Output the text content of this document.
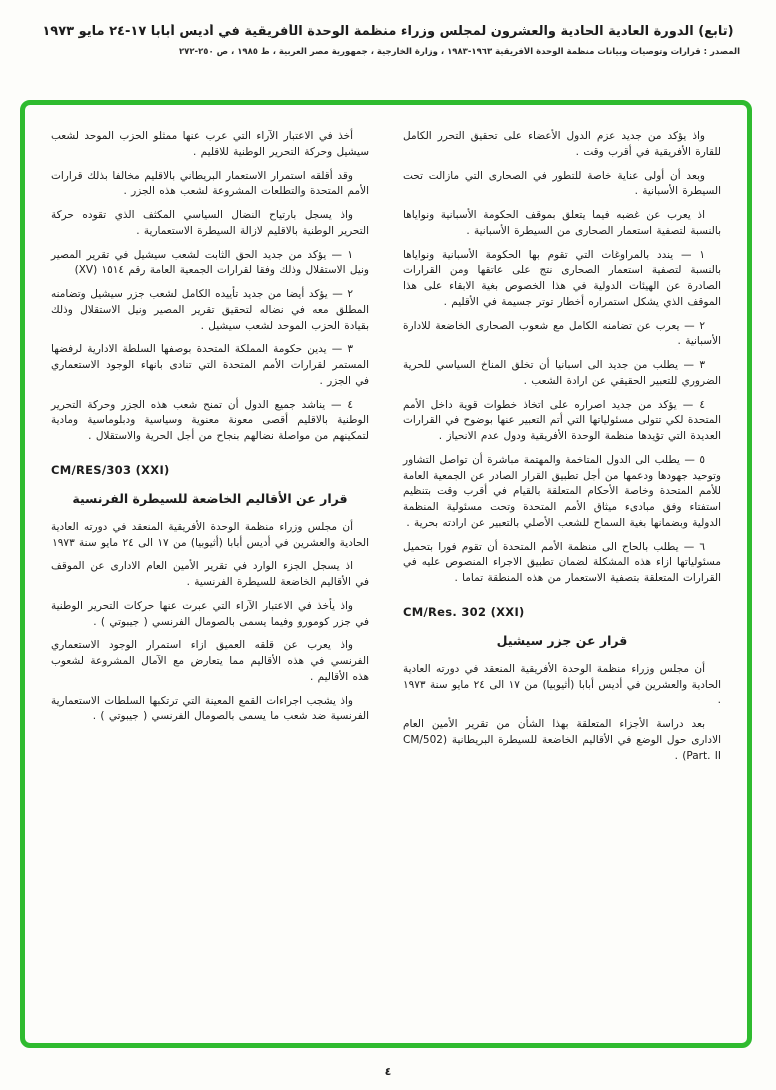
(تابع) الدورة العادية الحادية والعشرون لمجلس وزراء منظمة الوحدة الأفريقية في أديس أبابا ١٧-٢٤ مايو ١٩٧٣
المصدر : قرارات وتوصيات وبيانات منظمة الوحدة الأفريقية ١٩٦٣-١٩٨٣ ، وزارة الخارجية ، جمهورية مصر العربية ، ط ١٩٨٥ ، ص ٢٥٠-٢٧٢
واذ يؤكد من جديد عزم الدول الأعضاء على تحقيق التحرر الكامل للقارة الأفريقية في أقرب وقت .
وبعد أن أولى عناية خاصة للتطور في الصحارى التي مازالت تحت السيطرة الأسبانية .
اذ يعرب عن غضبه فيما يتعلق بموقف الحكومة الأسبانية ونواياها بالنسبة لتصفية استعمار الصحارى من السيطرة الأسبانية .
١ — يندد بالمراوغات التي تقوم بها الحكومة الأسبانية ونواياها بالنسبة لتصفية استعمار الصحارى نتج على عاتقها ومن القرارات الصادرة عن الهيئات الدولية في هذا الخصوص بغية الابقاء على هذا الموقف الذي يشكل استمراره أخطار توتر جسيمة في الأقليم .
٢ — يعرب عن تضامنه الكامل مع شعوب الصحارى الخاضعة للادارة الأسبانية .
٣ — يطلب من جديد الى اسبانيا أن تخلق المناخ السياسي للحرية الضروري للتعبير الحقيقي عن ارادة الشعب .
٤ — يؤكد من جديد اصراره على اتخاذ خطوات قوية داخل الأمم المتحدة لكي تتولى مسئولياتها التي أتم التعبير عنها بوضوح في القرارات العديدة التي تؤيدها منظمة الوحدة الأفريقية ودول عدم الانحياز .
٥ — يطلب الى الدول المتاخمة والمهتمة مباشرة أن تواصل التشاور وتوحيد جهودها ودعمها من أجل تطبيق القرار الصادر عن الجمعية العامة للأمم المتحدة وخاصة الأحكام المتعلقة بالقيام في أقرب وقت بتنظيم استفتاء وفق مبادىء ميثاق الأمم المتحدة وتحت مسئولية المنظمة الدولية وبضمانها بغية السماح للشعب الأصلي بالتعبير عن ارادته بحرية .
٦ — يطلب بالحاح الى منظمة الأمم المتحدة أن تقوم فورا بتحميل مسئولياتها ازاء هذه المشكلة لضمان تطبيق الاجراء المنصوص عليه في القرارات المتعلقة بتصفية الاستعمار من هذه المنطقة تماما .
CM/Res. 302 (XXI)
قرار عن جزر سيشيل
أن مجلس وزراء منظمة الوحدة الأفريقية المنعقد في دورته العادية الحادية والعشرين في أديس أبابا (أثيوبيا) من ١٧ الى ٢٤ مايو سنة ١٩٧٣ .
بعد دراسة الأجزاء المتعلقة بهذا الشأن من تقرير الأمين العام الادارى حول الوضع في الأقاليم الخاضعة للسيطرة البريطانية (CM/502 Part. II) .
أخذ في الاعتبار الآراء التي عرب عنها ممثلو الحزب الموحد لشعب سيشيل وحركة التحرير الوطنية للاقليم .
وقد أقلقه استمرار الاستعمار البريطاني بالاقليم مخالفا بذلك قرارات الأمم المتحدة والتطلعات المشروعة لشعب هذه الجزر .
واذ يسجل بارتياح النضال السياسي المكثف الذي تقوده حركة التحرير الوطنية بالاقليم لازالة السيطرة الاستعمارية .
١ — يؤكد من جديد الحق الثابت لشعب سيشيل في تقرير المصير ونيل الاستقلال وذلك وفقا لقرارات الجمعية العامة رقم ١٥١٤ (XV)
٢ — يؤكد أيضا من جديد تأييده الكامل لشعب جزر سيشيل وتضامنه المطلق معه في نضاله لتحقيق تقرير المصير ونيل الاستقلال وذلك بقيادة الحزب الموحد لشعب سيشيل .
٣ — يدين حكومة المملكة المتحدة بوصفها السلطة الادارية لرفضها المستمر لقرارات الأمم المتحدة التي تنادى بانهاء الوجود الاستعماري في الجزر .
٤ — يناشد جميع الدول أن تمنح شعب هذه الجزر وحركة التحرير الوطنية بالاقليم أقصى معونة معنوية وسياسية ودبلوماسية ومادية لتمكينهم من مواصلة نضالهم بنجاح من أجل الحرية والاستقلال .
CM/RES/303 (XXI)
قرار عن الأقاليم الخاضعة للسيطرة الفرنسية
أن مجلس وزراء منظمة الوحدة الأفريقية المنعقد في دورته العادية الحادية والعشرين في أديس أبابا (أثيوبيا) من ١٧ الى ٢٤ مايو سنة ١٩٧٣
اذ يسجل الجزء الوارد في تقرير الأمين العام الادارى عن الموقف في الأقاليم الخاضعة للسيطرة الفرنسية .
واذ يأخذ في الاعتبار الآراء التي عبرت عنها حركات التحرير الوطنية في جزر كومورو وفيما يسمى بالصومال الفرنسي ( جيبوتي ) .
واذ يعرب عن قلقه العميق ازاء استمرار الوجود الاستعماري الفرنسي في هذه الأقاليم مما يتعارض مع الآمال المشروعة لشعوب هذه الأقاليم .
واذ يشجب اجراءات القمع المعينة التي ترتكبها السلطات الاستعمارية الفرنسية ضد شعب ما يسمى بالصومال الفرنسي ( جيبوتي ) .
٤
